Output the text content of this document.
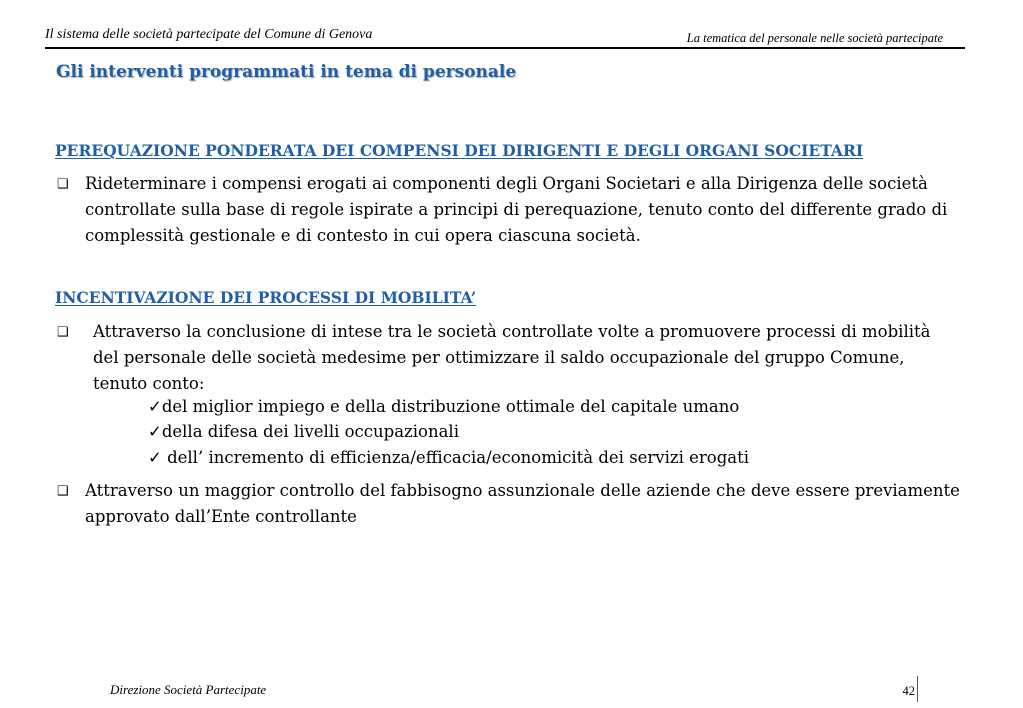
Il sistema delle società partecipate del Comune di Genova	La tematica del personale nelle società partecipate
Gli interventi programmati in tema di personale
PEREQUAZIONE PONDERATA DEI COMPENSI DEI DIRIGENTI E DEGLI ORGANI SOCIETARI
❑ Rideterminare i compensi erogati ai componenti degli Organi Societari e alla Dirigenza delle società controllate sulla base di regole ispirate a principi di perequazione, tenuto conto del differente grado di complessità gestionale e di contesto in cui opera ciascuna società.

INCENTIVAZIONE DEI PROCESSI DI MOBILITA’
❑ Attraverso la conclusione di intese tra le società controllate volte a promuovere processi di mobilità del personale delle società medesime per ottimizzare il saldo occupazionale del gruppo Comune, tenuto conto:

✓del miglior impiego e della distribuzione ottimale del capitale umano

✓della difesa dei livelli occupazionali

✓ dell’ incremento di efficienza/efficacia/economicità dei servizi erogati

❑ Attraverso un maggior controllo del fabbisogno assunzionale delle aziende che deve essere previamente approvato dall’Ente controllante

Direzione Società Partecipate	42
